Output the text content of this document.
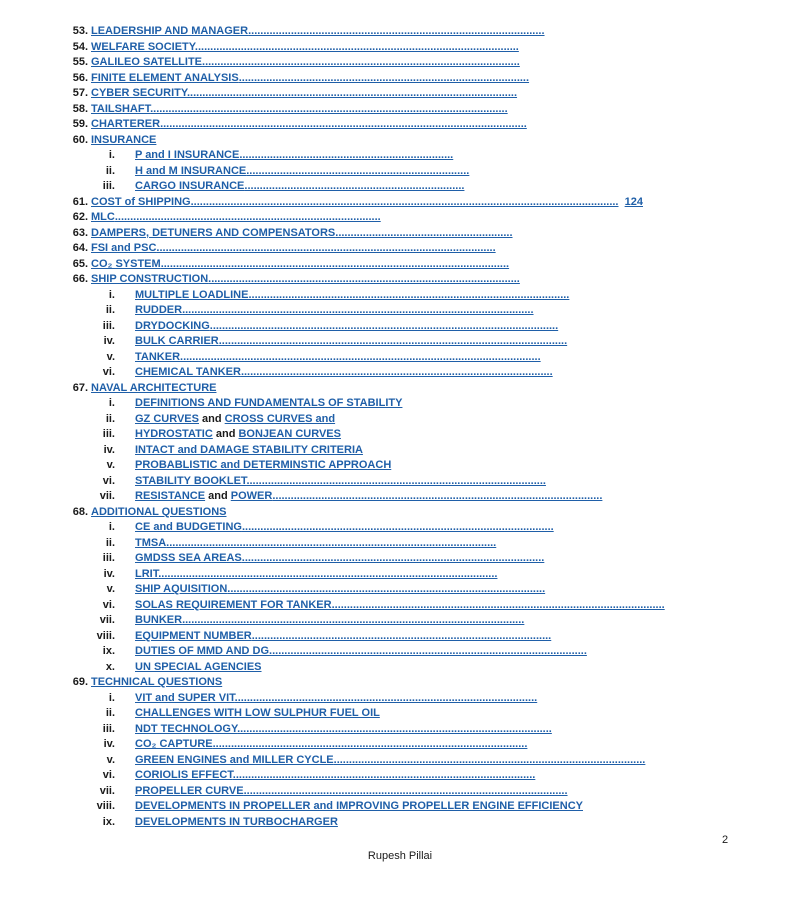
53. LEADERSHIP AND MANAGER.................................................................................................
54. WELFARE SOCIETY..........................................................................................................
55. GALILEO SATELLITE........................................................................................................
56. FINITE ELEMENT ANALYSIS...............................................................................................
57. CYBER SECURITY............................................................................................................
58. TAILSHAFT.....................................................................................................................
59. CHARTERER........................................................................................................................
60. INSURANCE
i. P and I INSURANCE......................................................................
ii. H and M INSURANCE.........................................................................
iii. CARGO INSURANCE........................................................................
61. COST of SHIPPING............................................................................................................................................ 124
62. MLC.......................................................................................
63. DAMPERS, DETUNERS AND COMPENSATORS..........................................................
64. FSI and PSC...............................................................................................................
65. CO₂ SYSTEM..................................................................................................................
66. SHIP CONSTRUCTION......................................................................................................
i. MULTIPLE LOADLINE.........................................................................................................
ii. RUDDER...................................................................................................................
iii. DRYDOCKING..................................................................................................................
iv. BULK CARRIER..................................................................................................................
v. TANKER......................................................................................................................
vi. CHEMICAL TANKER......................................................................................................
67. NAVAL ARCHITECTURE
i. DEFINITIONS AND FUNDAMENTALS OF STABILITY
ii. GZ CURVES and CROSS CURVES and
iii. HYDROSTATIC and BONJEAN CURVES
iv. INTACT and DAMAGE STABILITY CRITERIA
v. PROBABLISTIC and DETERMINSTIC APPROACH
vi. STABILITY BOOKLET..................................................................................................
vii. RESISTANCE and POWER............................................................................................................
68. ADDITIONAL QUESTIONS
i. CE and BUDGETING......................................................................................................
ii. TMSA............................................................................................................
iii. GMDSS SEA AREAS...................................................................................................
iv. LRIT...............................................................................................................
v. SHIP AQUISITION........................................................................................................
vi. SOLAS REQUIREMENT FOR TANKER.............................................................................................................
vii. BUNKER................................................................................................................
viii. EQUIPMENT NUMBER..................................................................................................
ix. DUTIES OF MMD AND DG........................................................................................................
x. UN SPECIAL AGENCIES
69. TECHNICAL QUESTIONS
i. VIT and SUPER VIT...................................................................................................
ii. CHALLENGES WITH LOW SULPHUR FUEL OIL
iii. NDT TECHNOLOGY.......................................................................................................
iv. CO₂ CAPTURE.......................................................................................................
v. GREEN ENGINES and MILLER CYCLE......................................................................................................
vi. CORIOLIS EFFECT...................................................................................................
vii. PROPELLER CURVE..........................................................................................................
viii. DEVELOPMENTS IN PROPELLER and IMPROVING PROPELLER ENGINE EFFICIENCY
ix. DEVELOPMENTS IN TURBOCHARGER
2
Rupesh Pillai
